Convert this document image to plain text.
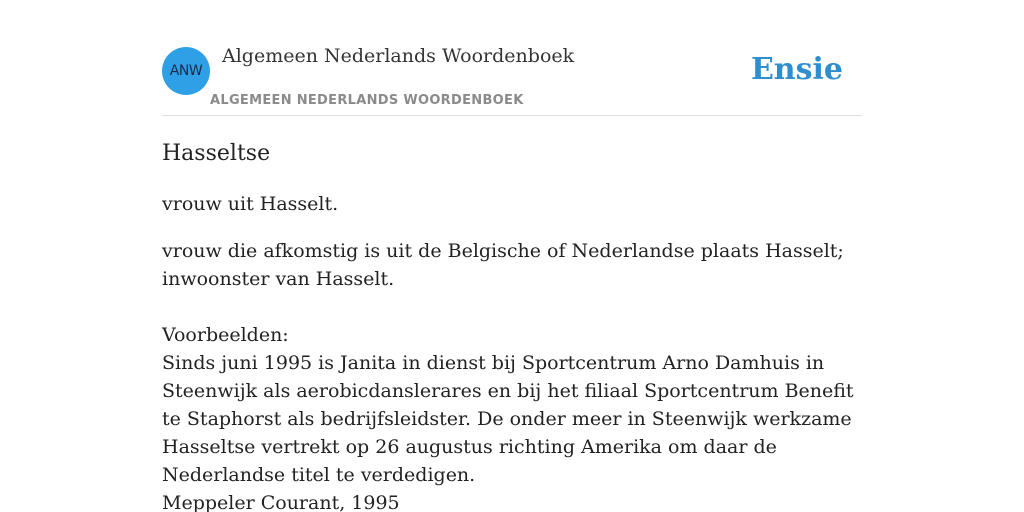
ANW
Algemeen Nederlands Woordenboek
ALGEMEEN NEDERLANDS WOORDENBOEK
Ensie
Hasseltse

vrouw uit Hasselt.

vrouw die afkomstig is uit de Belgische of Nederlandse plaats Hasselt; inwoonster van Hasselt.

Voorbeelden:

Sinds juni 1995 is Janita in dienst bij Sportcentrum Arno Damhuis in Steenwijk als aerobicdanslerares en bij het filiaal Sportcentrum Benefit te Staphorst als bedrijfsleidster. De onder meer in Steenwijk werkzame Hasseltse vertrekt op 26 augustus richting Amerika om daar de Nederlandse titel te verdedigen.

Meppeler Courant, 1995
